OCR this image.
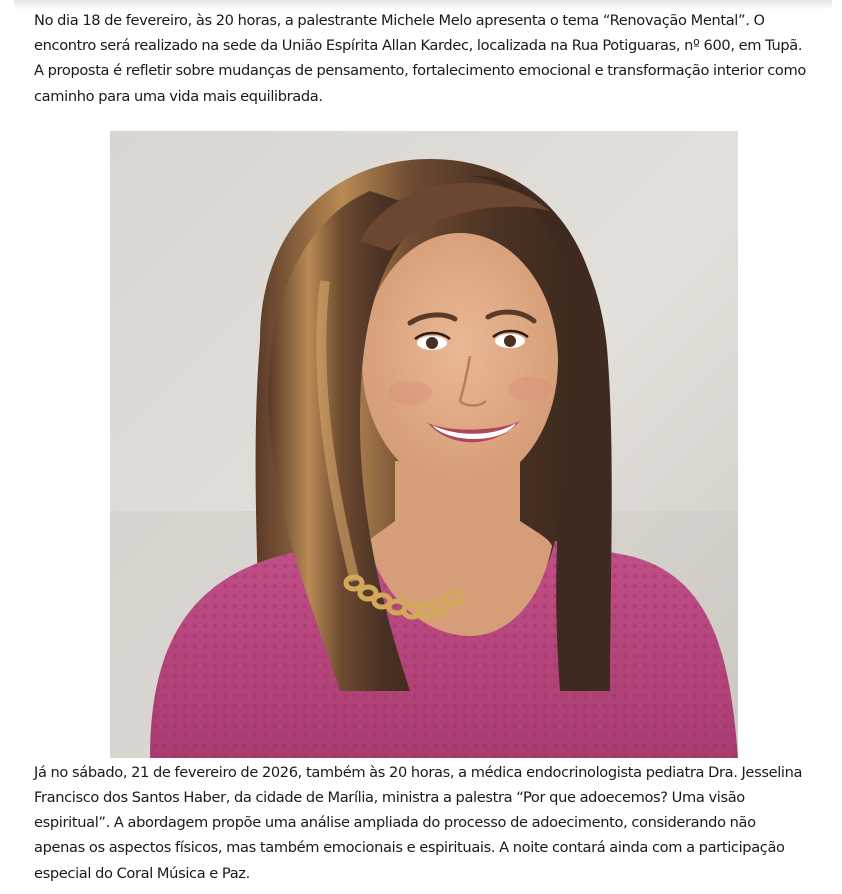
No dia 18 de fevereiro, às 20 horas, a palestrante Michele Melo apresenta o tema “Renovação Mental”. O encontro será realizado na sede da União Espírita Allan Kardec, localizada na Rua Potiguaras, nº 600, em Tupã. A proposta é refletir sobre mudanças de pensamento, fortalecimento emocional e transformação interior como caminho para uma vida mais equilibrada.

Já no sábado, 21 de fevereiro de 2026, também às 20 horas, a médica endocrinologista pediatra Dra. Jesselina Francisco dos Santos Haber, da cidade de Marília, ministra a palestra “Por que adoecemos? Uma visão espiritual”. A abordagem propõe uma análise ampliada do processo de adoecimento, considerando não apenas os aspectos físicos, mas também emocionais e espirituais. A noite contará ainda com a participação especial do Coral Música e Paz.
